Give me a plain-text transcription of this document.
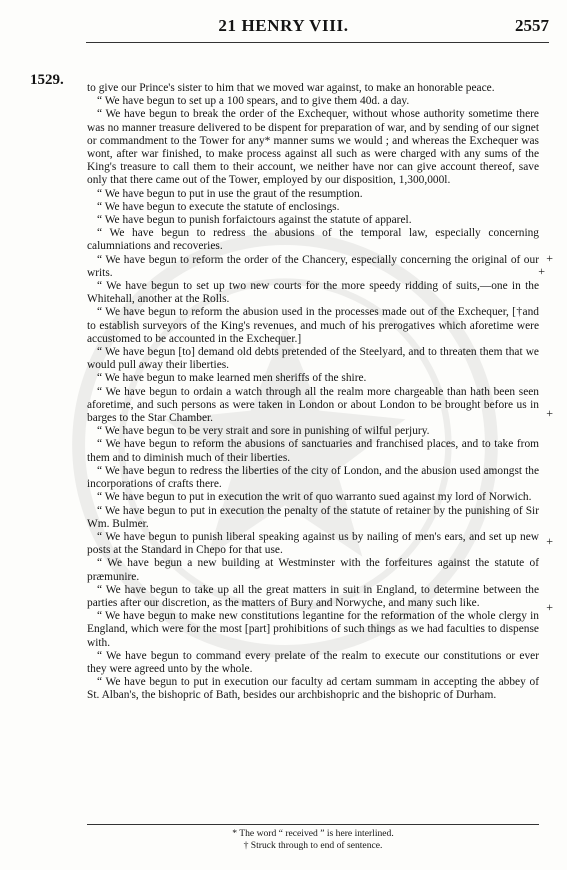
21 HENRY VIII.	2557
1529.
+
+
+
+
+

to give our Prince's sister to him that we moved war against, to make an honorable peace.

“ We have begun to set up a 100 spears, and to give them 40d. a day.

“ We have begun to break the order of the Exchequer, without whose authority sometime there was no manner treasure delivered to be dispent for preparation of war, and by sending of our signet or commandment to the Tower for any* manner sums we would ; and whereas the Exchequer was wont, after war finished, to make process against all such as were charged with any sums of the King's treasure to call them to their account, we neither have nor can give account thereof, save only that there came out of the Tower, employed by our disposition, 1,300,000l.

“ We have begun to put in use the graut of the resumption.

“ We have begun to execute the statute of enclosings.

“ We have begun to punish forfaictours against the statute of apparel.

“ We have begun to redress the abusions of the temporal law, especially concerning calumniations and recoveries.

“ We have begun to reform the order of the Chancery, especially concerning the original of our writs.

“ We have begun to set up two new courts for the more speedy ridding of suits,—one in the Whitehall, another at the Rolls.

“ We have begun to reform the abusion used in the processes made out of the Exchequer, [†and to establish surveyors of the King's revenues, and much of his prerogatives which aforetime were accustomed to be accounted in the Exchequer.]

“ We have begun [to] demand old debts pretended of the Steelyard, and to threaten them that we would pull away their liberties.

“ We have begun to make learned men sheriffs of the shire.

“ We have begun to ordain a watch through all the realm more chargeable than hath been seen aforetime, and such persons as were taken in London or about London to be brought before us in barges to the Star Chamber.

“ We have begun to be very strait and sore in punishing of wilful perjury.

“ We have begun to reform the abusions of sanctuaries and franchised places, and to take from them and to diminish much of their liberties.

“ We have begun to redress the liberties of the city of London, and the abusion used amongst the incorporations of crafts there.

“ We have begun to put in execution the writ of quo warranto sued against my lord of Norwich.

“ We have begun to put in execution the penalty of the statute of retainer by the punishing of Sir Wm. Bulmer.

“ We have begun to punish liberal speaking against us by nailing of men's ears, and set up new posts at the Standard in Chepo for that use.

“ We have begun a new building at Westminster with the forfeitures against the statute of præmunire.

“ We have begun to take up all the great matters in suit in England, to determine between the parties after our discretion, as the matters of Bury and Norwyche, and many such like.

“ We have begun to make new constitutions legantine for the reformation of the whole clergy in England, which were for the most [part] prohibitions of such things as we had faculties to dispense with.

“ We have begun to command every prelate of the realm to execute our constitutions or ever they were agreed unto by the whole.

“ We have begun to put in execution our faculty ad certam summam in accepting the abbey of St. Alban's, the bishopric of Bath, besides our archbishopric and the bishopric of Durham.

* The word “ received ” is here interlined.
† Struck through to end of sentence.
